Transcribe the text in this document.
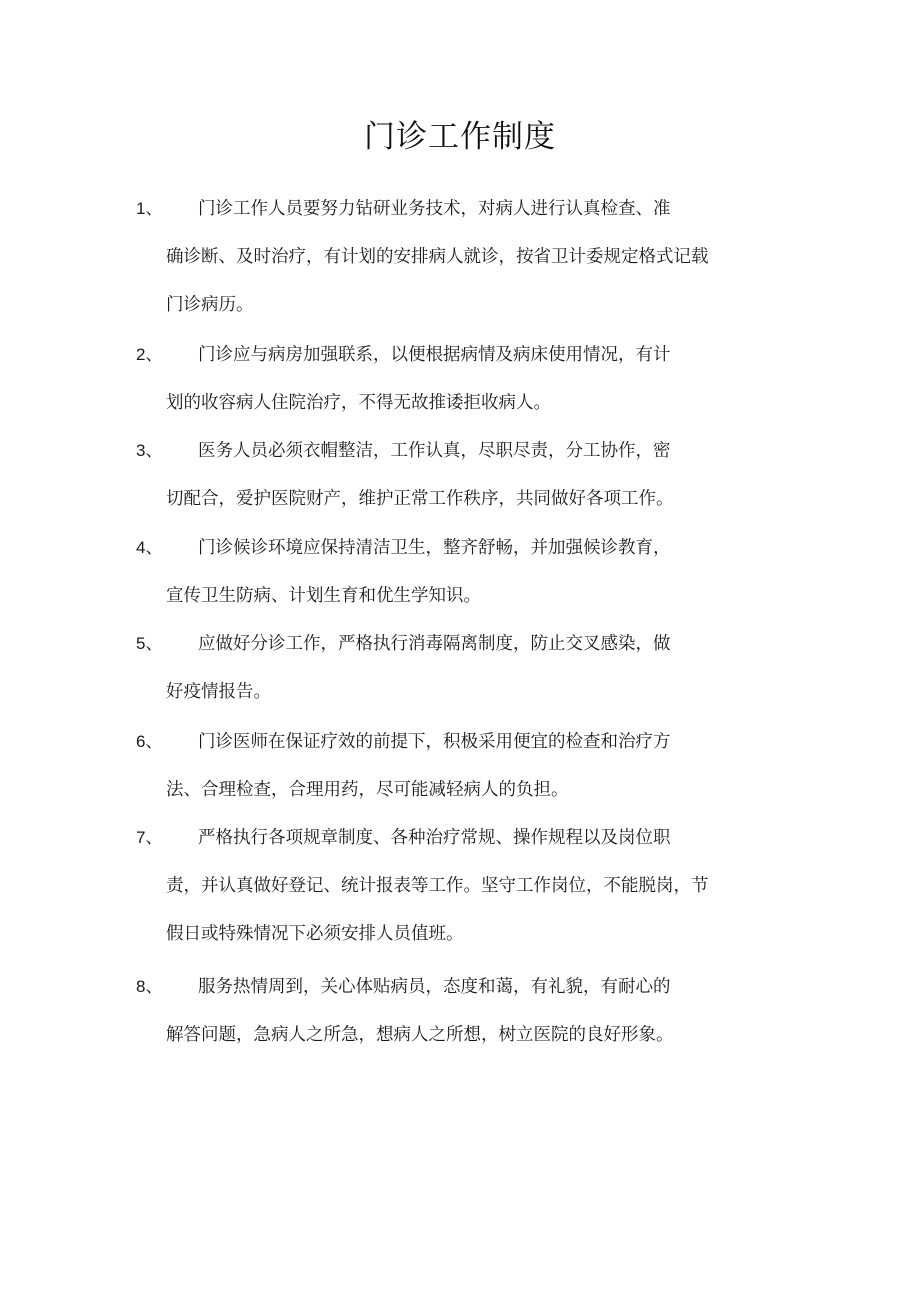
门诊工作制度
1、 门诊工作人员要努力钻研业务技术，对病人进行认真检查、准
确诊断、及时治疗，有计划的安排病人就诊，按省卫计委规定格式记载
门诊病历。
2、 门诊应与病房加强联系，以便根据病情及病床使用情况，有计
划的收容病人住院治疗，不得无故推诿拒收病人。
3、 医务人员必须衣帽整洁，工作认真，尽职尽责，分工协作，密
切配合，爱护医院财产，维护正常工作秩序，共同做好各项工作。
4、 门诊候诊环境应保持清洁卫生，整齐舒畅，并加强候诊教育，
宣传卫生防病、计划生育和优生学知识。
5、 应做好分诊工作，严格执行消毒隔离制度，防止交叉感染，做
好疫情报告。
6、 门诊医师在保证疗效的前提下，积极采用便宜的检查和治疗方
法、合理检查，合理用药，尽可能减轻病人的负担。
7、 严格执行各项规章制度、各种治疗常规、操作规程以及岗位职
责，并认真做好登记、统计报表等工作。坚守工作岗位，不能脱岗，节
假日或特殊情况下必须安排人员值班。
8、 服务热情周到，关心体贴病员，态度和蔼，有礼貌，有耐心的
解答问题，急病人之所急，想病人之所想，树立医院的良好形象。
